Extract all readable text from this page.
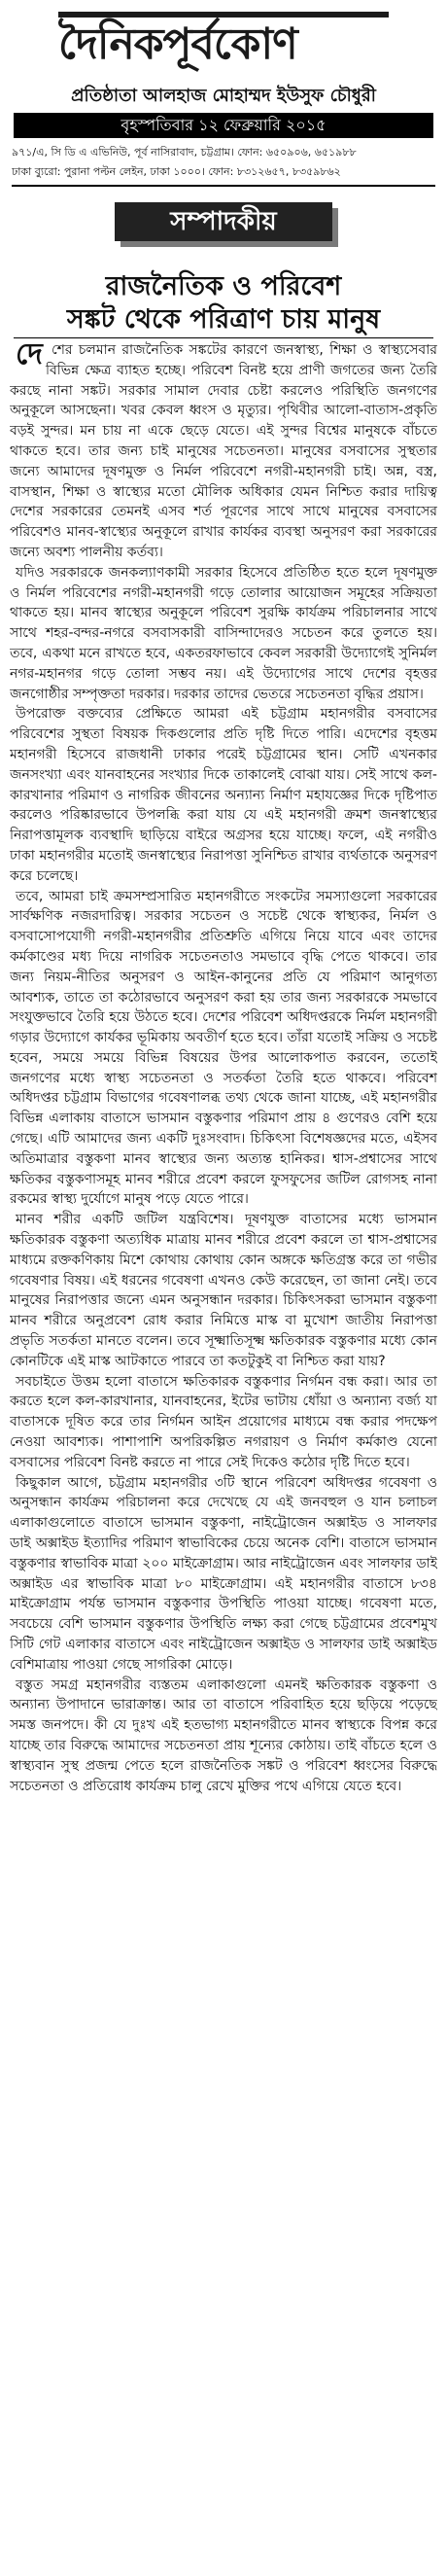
দৈনিকপূর্বকোণ
প্রতিষ্ঠাতা আলহাজ মোহাম্মদ ইউসুফ চৌধুরী
বৃহস্পতিবার ১২ ফেব্রুয়ারি ২০১৫
৯৭১/এ, সি ডি এ এভিনিউ, পূর্ব নাসিরাবাদ, চট্টগ্রাম। ফোন: ৬৫০৯০৬, ৬৫১৯৮৮
ঢাকা ব্যুরো: পুরানা পল্টন লেইন, ঢাকা ১০০০। ফোন: ৮৩১২৬৫৭, ৮৩৫৯৮৬২
সম্পাদকীয়
রাজনৈতিক ও পরিবেশ
সঙ্কট থেকে পরিত্রাণ চায় মানুষ

দেশের চলমান রাজনৈতিক সঙ্কটের কারণে জনস্বাস্থ্য, শিক্ষা ও স্বাস্থ্যসেবার বিভিন্ন ক্ষেত্র ব্যাহত হচ্ছে। পরিবেশ বিনষ্ট হয়ে প্রাণী জগতের জন্য তৈরি করছে নানা সঙ্কট। সরকার সামাল দেবার চেষ্টা করলেও পরিস্থিতি জনগণের অনুকূলে আসছেনা। খবর কেবল ধ্বংস ও মৃত্যুর। পৃথিবীর আলো-বাতাস-প্রকৃতি বড়ই সুন্দর। মন চায় না একে ছেড়ে যেতে। এই সুন্দর বিশ্বের মানুষকে বাঁচতে থাকতে হবে। তার জন্য চাই মানুষের সচেতনতা। মানুষের বসবাসের সুস্থতার জন্যে আমাদের দূষণমুক্ত ও নির্মল পরিবেশে নগরী-মহানগরী চাই। অন্ন, বস্ত্র, বাসস্থান, শিক্ষা ও স্বাস্থ্যের মতো মৌলিক অধিকার যেমন নিশ্চিত করার দায়িত্ব দেশের সরকারের তেমনই এসব শর্ত পূরণের সাথে সাথে মানুষের বসবাসের পরিবেশও মানব-স্বাস্থ্যের অনুকূলে রাখার কার্যকর ব্যবস্থা অনুসরণ করা সরকারের জন্যে অবশ্য পালনীয় কর্তব্য।

যদিও সরকারকে জনকল্যাণকামী সরকার হিসেবে প্রতিষ্ঠিত হতে হলে দূষণমুক্ত ও নির্মল পরিবেশের নগরী-মহানগরী গড়ে তোলার আয়োজন সমূহের সক্রিয়তা থাকতে হয়। মানব স্বাস্থ্যের অনুকূলে পরিবেশ সুরক্ষি কার্যক্রম পরিচালনার সাথে সাথে শহর-বন্দর-নগরে বসবাসকারী বাসিন্দাদেরও সচেতন করে তুলতে হয়। তবে, একথা মনে রাখতে হবে, একতরফাভাবে কেবল সরকারী উদ্যোগেই সুনির্মল নগর-মহানগর গড়ে তোলা সম্ভব নয়। এই উদ্যোগের সাথে দেশের বৃহত্তর জনগোষ্ঠীর সম্পৃক্ততা দরকার। দরকার তাদের ভেতরে সচেতনতা বৃদ্ধির প্রয়াস।

উপরোক্ত বক্তব্যের প্রেক্ষিতে আমরা এই চট্টগ্রাম মহানগরীর বসবাসের পরিবেশের সুস্থতা বিষয়ক দিকগুলোর প্রতি দৃষ্টি দিতে পারি। এদেশের বৃহত্তম মহানগরী হিসেবে রাজধানী ঢাকার পরেই চট্টগ্রামের স্থান। সেটি এখনকার জনসংখ্যা এবং যানবাহনের সংখ্যার দিকে তাকালেই বোঝা যায়। সেই সাথে কল-কারখানার পরিমাণ ও নাগরিক জীবনের অন্যান্য নির্মাণ মহাযজ্ঞের দিকে দৃষ্টিপাত করলেও পরিষ্কারভাবে উপলব্ধি করা যায় যে এই মহানগরী ক্রমশ জনস্বাস্থ্যের নিরাপত্তামূলক ব্যবস্থাদি ছাড়িয়ে বাইরে অগ্রসর হয়ে যাচ্ছে। ফলে, এই নগরীও ঢাকা মহানগরীর মতোই জনস্বাস্থ্যের নিরাপত্তা সুনিশ্চিত রাখার ব্যর্থতাকে অনুসরণ করে চলেছে।

তবে, আমরা চাই ক্রমসম্প্রসারিত মহানগরীতে সংকটের সমস্যাগুলো সরকারের সার্বক্ষণিক নজরদারিত্ব। সরকার সচেতন ও সচেষ্ট থেকে স্বাস্থ্যকর, নির্মল ও বসবাসোপযোগী নগরী-মহানগরীর প্রতিশ্রুতি এগিয়ে নিয়ে যাবে এবং তাদের কর্মকাণ্ডের মধ্য দিয়ে নাগরিক সচেতনতাও সমভাবে বৃদ্ধি পেতে থাকবে। তার জন্য নিয়ম-নীতির অনুসরণ ও আইন-কানুনের প্রতি যে পরিমাণ আনুগত্য আবশ্যক, তাতে তা কঠোরভাবে অনুসরণ করা হয় তার জন্য সরকারকে সমভাবে সংযুক্তভাবে তৈরি হয়ে উঠতে হবে। দেশের পরিবেশ অধিদপ্তরকে নির্মল মহানগরী গড়ার উদ্যোগে কার্যকর ভূমিকায় অবতীর্ণ হতে হবে। তাঁরা যতোই সক্রিয় ও সচেষ্ট হবেন, সময়ে সময়ে বিভিন্ন বিষয়ের উপর আলোকপাত করবেন, ততোই জনগণের মধ্যে স্বাস্থ্য সচেতনতা ও সতর্কতা তৈরি হতে থাকবে। পরিবেশ অধিদপ্তর চট্টগ্রাম বিভাগের গবেষণালব্ধ তথ্য থেকে জানা যাচ্ছে, এই মহানগরীর বিভিন্ন এলাকায় বাতাসে ভাসমান বস্তুকণার পরিমাণ প্রায় ৪ গুণেরও বেশি হয়ে গেছে। এটি আমাদের জন্য একটি দুঃসংবাদ। চিকিৎসা বিশেষজ্ঞদের মতে, এইসব অতিমাত্রার বস্তুকণা মানব স্বাস্থ্যের জন্য অত্যন্ত হানিকর। শ্বাস-প্রশ্বাসের সাথে ক্ষতিকর বস্তুকণাসমূহ মানব শরীরে প্রবেশ করলে ফুসফুসের জটিল রোগসহ নানা রকমের স্বাস্থ্য দুর্যোগে মানুষ পড়ে যেতে পারে।

মানব শরীর একটি জটিল যন্ত্রবিশেষ। দূষণযুক্ত বাতাসের মধ্যে ভাসমান ক্ষতিকারক বস্তুকণা অত্যধিক মাত্রায় মানব শরীরে প্রবেশ করলে তা শ্বাস-প্রশ্বাসের মাধ্যমে রক্তকণিকায় মিশে কোথায় কোথায় কোন অঙ্গকে ক্ষতিগ্রস্ত করে তা গভীর গবেষণার বিষয়। এই ধরনের গবেষণা এখনও কেউ করেছেন, তা জানা নেই। তবে মানুষের নিরাপত্তার জন্যে এমন অনুসন্ধান দরকার। চিকিৎসকরা ভাসমান বস্তুকণা মানব শরীরে অনুপ্রবেশ রোধ করার নিমিত্তে মাস্ক বা মুখোশ জাতীয় নিরাপত্তা প্রভৃতি সতর্কতা মানতে বলেন। তবে সূক্ষ্মাতিসূক্ষ্ম ক্ষতিকারক বস্তুকণার মধ্যে কোন কোনটিকে এই মাস্ক আটকাতে পারবে তা কতটুকুই বা নিশ্চিত করা যায়?

সবচাইতে উত্তম হলো বাতাসে ক্ষতিকারক বস্তুকণার নির্গমন বন্ধ করা। আর তা করতে হলে কল-কারখানার, যানবাহনের, ইটের ভাটায় ধোঁয়া ও অন্যান্য বর্জ্য যা বাতাসকে দূষিত করে তার নির্গমন আইন প্রয়োগের মাধ্যমে বন্ধ করার পদক্ষেপ নেওয়া আবশ্যক। পাশাপাশি অপরিকল্পিত নগরায়ণ ও নির্মাণ কর্মকাণ্ড যেনো বসবাসের পরিবেশ বিনষ্ট করতে না পারে সেই দিকেও কঠোর দৃষ্টি দিতে হবে।

কিছুকাল আগে, চট্টগ্রাম মহানগরীর ৩টি স্থানে পরিবেশ অধিদপ্তর গবেষণা ও অনুসন্ধান কার্যক্রম পরিচালনা করে দেখেছে যে এই জনবহুল ও যান চলাচল এলাকাগুলোতে বাতাসে ভাসমান বস্তুকণা, নাইট্রোজেন অক্সাইড ও সালফার ডাই অক্সাইড ইত্যাদির পরিমাণ স্বাভাবিকের চেয়ে অনেক বেশি। বাতাসে ভাসমান বস্তুকণার স্বাভাবিক মাত্রা ২০০ মাইক্রোগ্রাম। আর নাইট্রোজেন এবং সালফার ডাই অক্সাইড এর স্বাভাবিক মাত্রা ৮০ মাইক্রোগ্রাম। এই মহানগরীর বাতাসে ৮৩৪ মাইক্রোগ্রাম পর্যন্ত ভাসমান বস্তুকণার উপস্থিতি পাওয়া যাচ্ছে। গবেষণা মতে, সবচেয়ে বেশি ভাসমান বস্তুকণার উপস্থিতি লক্ষ্য করা গেছে চট্টগ্রামের প্রবেশমুখ সিটি গেট এলাকার বাতাসে এবং নাইট্রোজেন অক্সাইড ও সালফার ডাই অক্সাইড বেশিমাত্রায় পাওয়া গেছে সাগরিকা মোড়ে।

বস্তুত সমগ্র মহানগরীর ব্যস্ততম এলাকাগুলো এমনই ক্ষতিকারক বস্তুকণা ও অন্যান্য উপাদানে ভারাক্রান্ত। আর তা বাতাসে পরিবাহিত হয়ে ছড়িয়ে পড়েছে সমস্ত জনপদে। কী যে দুঃখ এই হতভাগ্য মহানগরীতে মানব স্বাস্থ্যকে বিপন্ন করে যাচ্ছে তার বিরুদ্ধে আমাদের সচেতনতা প্রায় শূন্যের কোঠায়। তাই বাঁচতে হলে ও স্বাস্থ্যবান সুস্থ প্রজন্ম পেতে হলে রাজনৈতিক সঙ্কট ও পরিবেশ ধ্বংসের বিরুদ্ধে সচেতনতা ও প্রতিরোধ কার্যক্রম চালু রেখে মুক্তির পথে এগিয়ে যেতে হবে।
